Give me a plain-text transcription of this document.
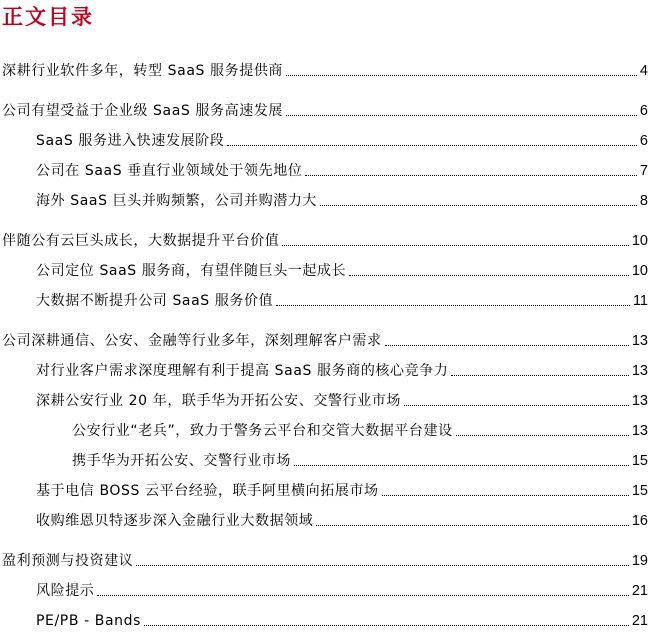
正文目录
深耕行业软件多年，转型 SaaS 服务提供商	4
公司有望受益于企业级 SaaS 服务高速发展	6
SaaS 服务进入快速发展阶段	6
公司在 SaaS 垂直行业领域处于领先地位	7
海外 SaaS 巨头并购频繁，公司并购潜力大	8
伴随公有云巨头成长，大数据提升平台价值	10
公司定位 SaaS 服务商，有望伴随巨头一起成长	10
大数据不断提升公司 SaaS 服务价值	11
公司深耕通信、公安、金融等行业多年，深刻理解客户需求	13
对行业客户需求深度理解有利于提高 SaaS 服务商的核心竞争力	13
深耕公安行业 20 年，联手华为开拓公安、交警行业市场	13
公安行业“老兵”，致力于警务云平台和交管大数据平台建设	13
携手华为开拓公安、交警行业市场	15
基于电信 BOSS 云平台经验，联手阿里横向拓展市场	15
收购维恩贝特逐步深入金融行业大数据领域	16
盈利预测与投资建议	19
风险提示	21
PE/PB - Bands	21
